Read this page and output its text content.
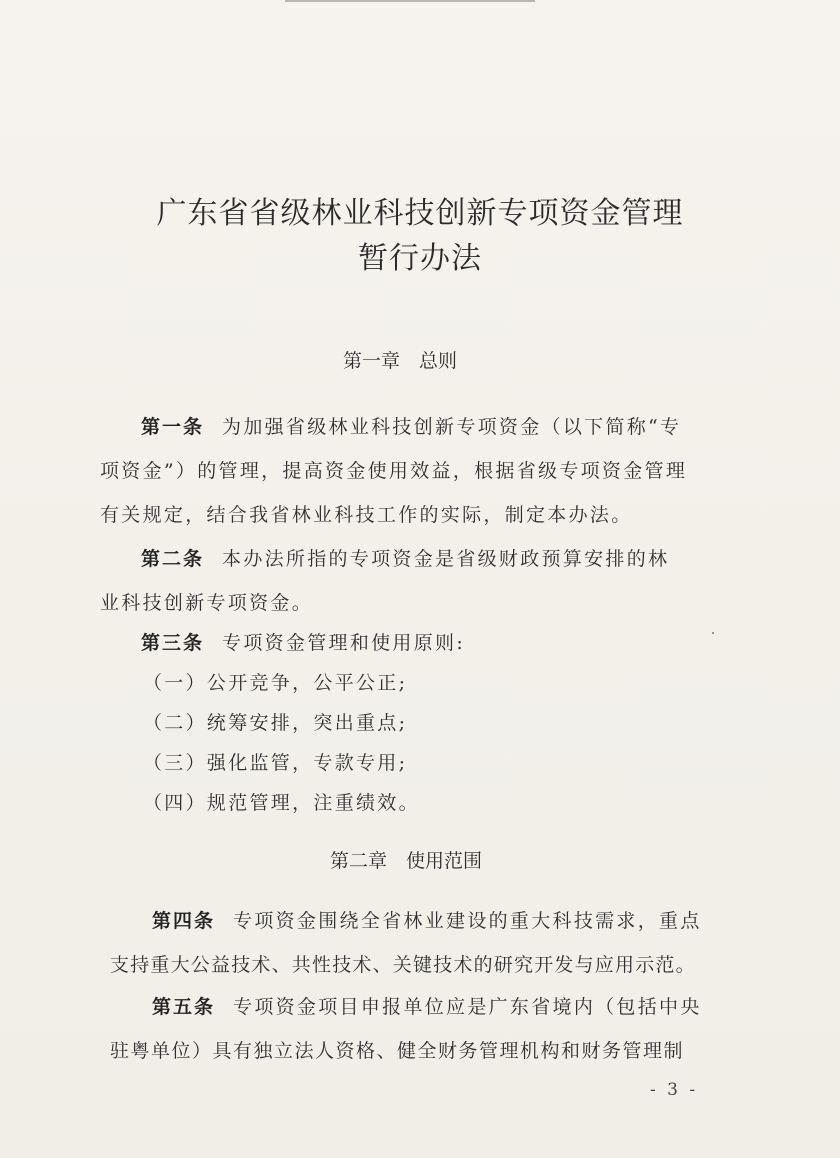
广东省省级林业科技创新专项资金管理
暂行办法
第一章　总则
第一条 为加强省级林业科技创新专项资金（以下简称“专
项资金”）的管理，提高资金使用效益，根据省级专项资金管理
有关规定，结合我省林业科技工作的实际，制定本办法。
第二条 本办法所指的专项资金是省级财政预算安排的林
业科技创新专项资金。
第三条 专项资金管理和使用原则:
（一）公开竞争，公平公正;
（二）统筹安排，突出重点;
（三）强化监管，专款专用;
（四）规范管理，注重绩效。
第二章　使用范围
第四条 专项资金围绕全省林业建设的重大科技需求，重点
支持重大公益技术、共性技术、关键技术的研究开发与应用示范。
第五条 专项资金项目申报单位应是广东省境内（包括中央
驻粤单位）具有独立法人资格、健全财务管理机构和财务管理制
- 3 -
